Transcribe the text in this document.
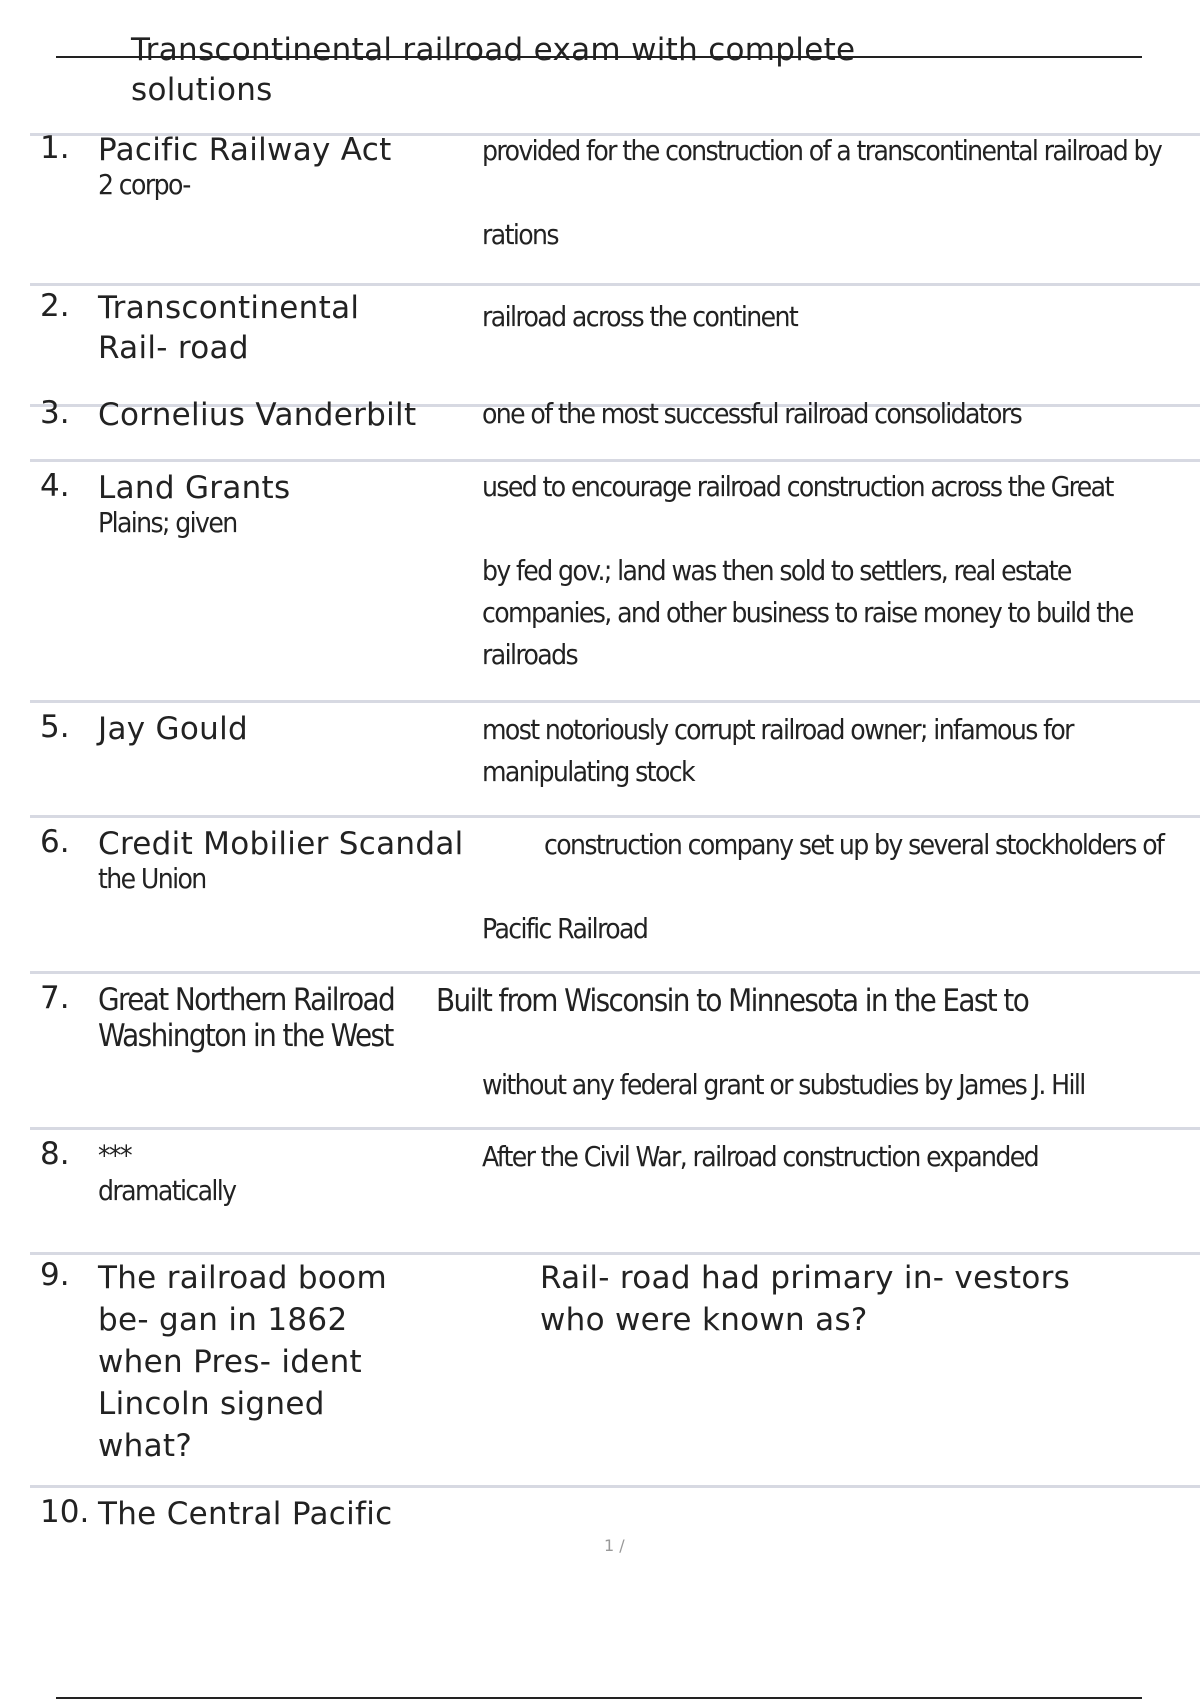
Transcontinental railroad exam with complete
solutions
1. Pacific Railway Act
2 corpo-
provided for the construction of a transcontinental railroad by
rations
2. Transcontinental
Rail- road
railroad across the continent
3. Cornelius Vanderbilt one of the most successful railroad consolidators
4. Land Grants
Plains; given
used to encourage railroad construction across the Great
by fed gov.; land was then sold to settlers, real estate
companies, and other business to raise money to build the
railroads
5. Jay Gould	most notoriously corrupt railroad owner; infamous for
manipulating stock
6. Credit Mobilier Scandal	construction company set up by several stockholders of
the Union
Pacific Railroad
7. Great Northern Railroad Built from Wisconsin to Minnesota in the East to
Washington in the West
without any federal grant or substudies by James J. Hill
8. ***
dramatically
After the Civil War, railroad construction expanded
9. The railroad boom
be- gan in 1862
when Pres- ident
Lincoln signed
what?
Rail- road had primary in- vestors
who were known as?
10. The Central Pacific
1 /
